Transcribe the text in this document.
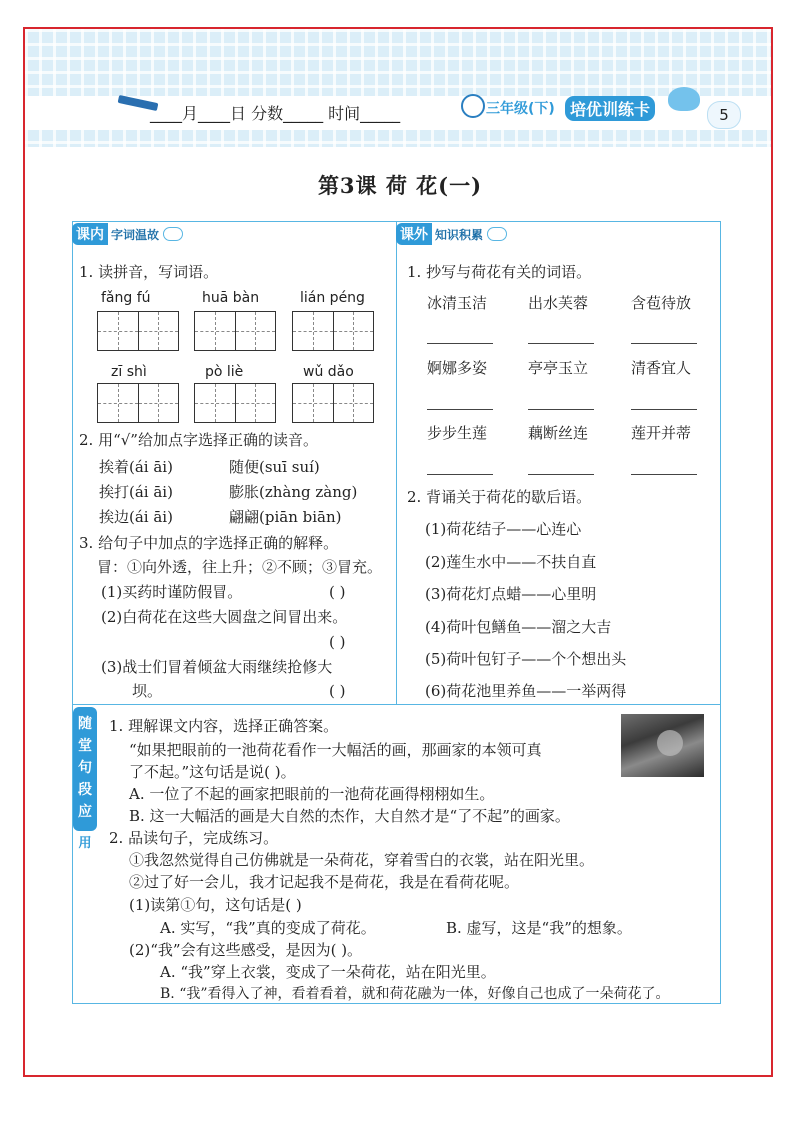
____月____日 分数_____ 时间_____	三年级(下) 培优训练卡	5
第3课 荷 花(一)
课内 字词温故
1. 读拼音，写词语。
fǎng fú	huā bàn	lián péng
zī shì	pò liè	wǔ dǎo
2. 用“√”给加点字选择正确的读音。
挨着(ái āi)	随便(suī suí)
挨打(ái āi)	膨胀(zhàng zàng)
挨边(ái āi)	翩翩(piān biān)
3. 给句子中加点的字选择正确的解释。
冒：①向外透，往上升；②不顾；③冒充。
(1)买药时谨防假冒。	( )
(2)白荷花在这些大圆盘之间冒出来。
( )
(3)战士们冒着倾盆大雨继续抢修大
坝。	( )
课外 知识积累
1. 抄写与荷花有关的词语。
冰清玉洁	出水芙蓉	含苞待放
婀娜多姿	亭亭玉立	清香宜人
步步生莲	藕断丝连	莲开并蒂
2. 背诵关于荷花的歇后语。
(1)荷花结子——心连心
(2)莲生水中——不扶自直
(3)荷花灯点蜡——心里明
(4)荷叶包鳝鱼——溜之大吉
(5)荷叶包钉子——个个想出头
(6)荷花池里养鱼——一举两得
随
堂
句
段
应
用
1. 理解课文内容，选择正确答案。
“如果把眼前的一池荷花看作一大幅活的画，那画家的本领可真
了不起。”这句话是说( )。
A. 一位了不起的画家把眼前的一池荷花画得栩栩如生。
B. 这一大幅活的画是大自然的杰作，大自然才是“了不起”的画家。
2. 品读句子，完成练习。
①我忽然觉得自己仿佛就是一朵荷花，穿着雪白的衣裳，站在阳光里。
②过了好一会儿，我才记起我不是荷花，我是在看荷花呢。
(1)读第①句，这句话是( )
A. 实写，“我”真的变成了荷花。	B. 虚写，这是“我”的想象。
(2)“我”会有这些感受，是因为( )。
A. “我”穿上衣裳，变成了一朵荷花，站在阳光里。
B. “我”看得入了神，看着看着，就和荷花融为一体，好像自己也成了一朵荷花了。
